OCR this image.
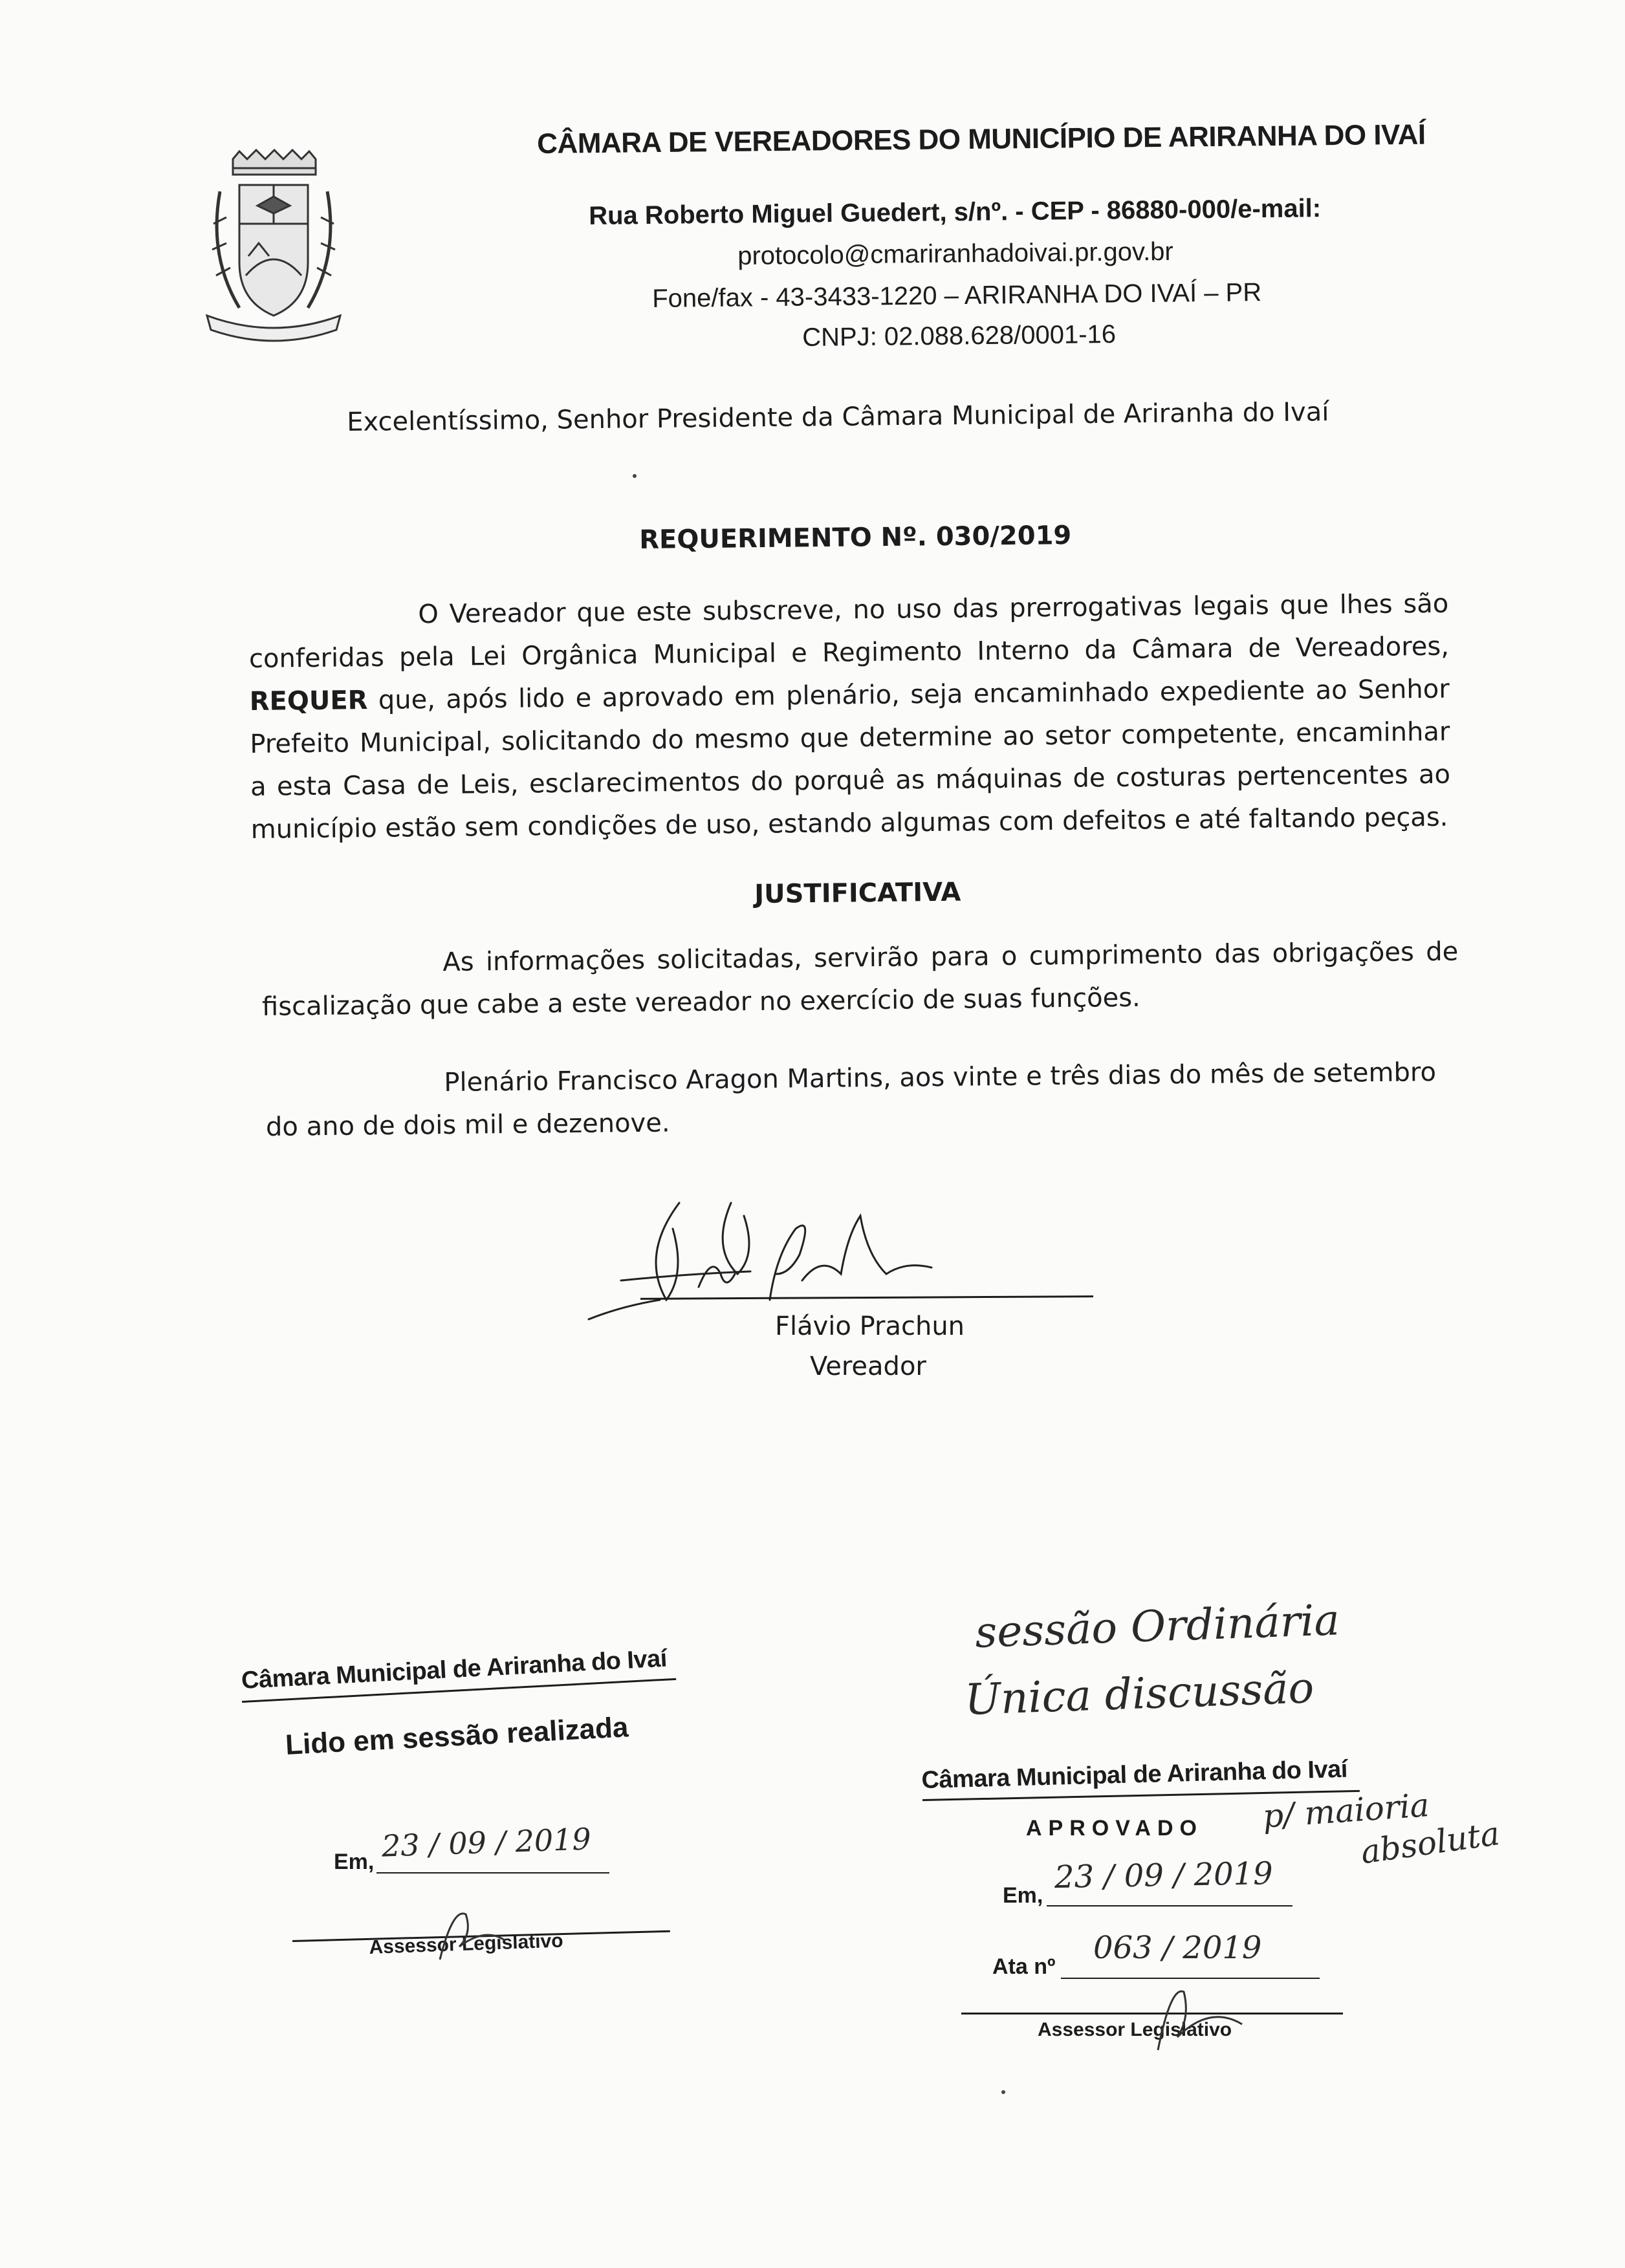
CÂMARA DE VEREADORES DO MUNICÍPIO DE ARIRANHA DO IVAÍ
Rua Roberto Miguel Guedert, s/nº. - CEP - 86880-000/e-mail:
protocolo@cmariranhadoivai.pr.gov.br
Fone/fax - 43-3433-1220 – ARIRANHA DO IVAÍ – PR
CNPJ: 02.088.628/0001-16
Excelentíssimo, Senhor Presidente da Câmara Municipal de Ariranha do Ivaí
REQUERIMENTO Nº. 030/2019
O Vereador que este subscreve, no uso das prerrogativas legais que lhes são conferidas pela Lei Orgânica Municipal e Regimento Interno da Câmara de Vereadores, REQUER que, após lido e aprovado em plenário, seja encaminhado expediente ao Senhor Prefeito Municipal, solicitando do mesmo que determine ao setor competente, encaminhar a esta Casa de Leis, esclarecimentos do porquê as máquinas de costuras pertencentes ao município estão sem condições de uso, estando algumas com defeitos e até faltando peças.
JUSTIFICATIVA
As informações solicitadas, servirão para o cumprimento das obrigações de fiscalização que cabe a este vereador no exercício de suas funções.
Plenário Francisco Aragon Martins, aos vinte e três dias do mês de setembro do ano de dois mil e dezenove.
Flávio Prachun
Vereador
Câmara Municipal de Ariranha do Ivaí
Lido em sessão realizada
Em, 23 / 09 / 2019
Assessor Legislativo
sessão Ordinária
Única discussão
Câmara Municipal de Ariranha do Ivaí
APROVADO p/ maioria
absoluta
Em,
23 / 09 / 2019
Ata nº
063 / 2019
Assessor Legislativo
